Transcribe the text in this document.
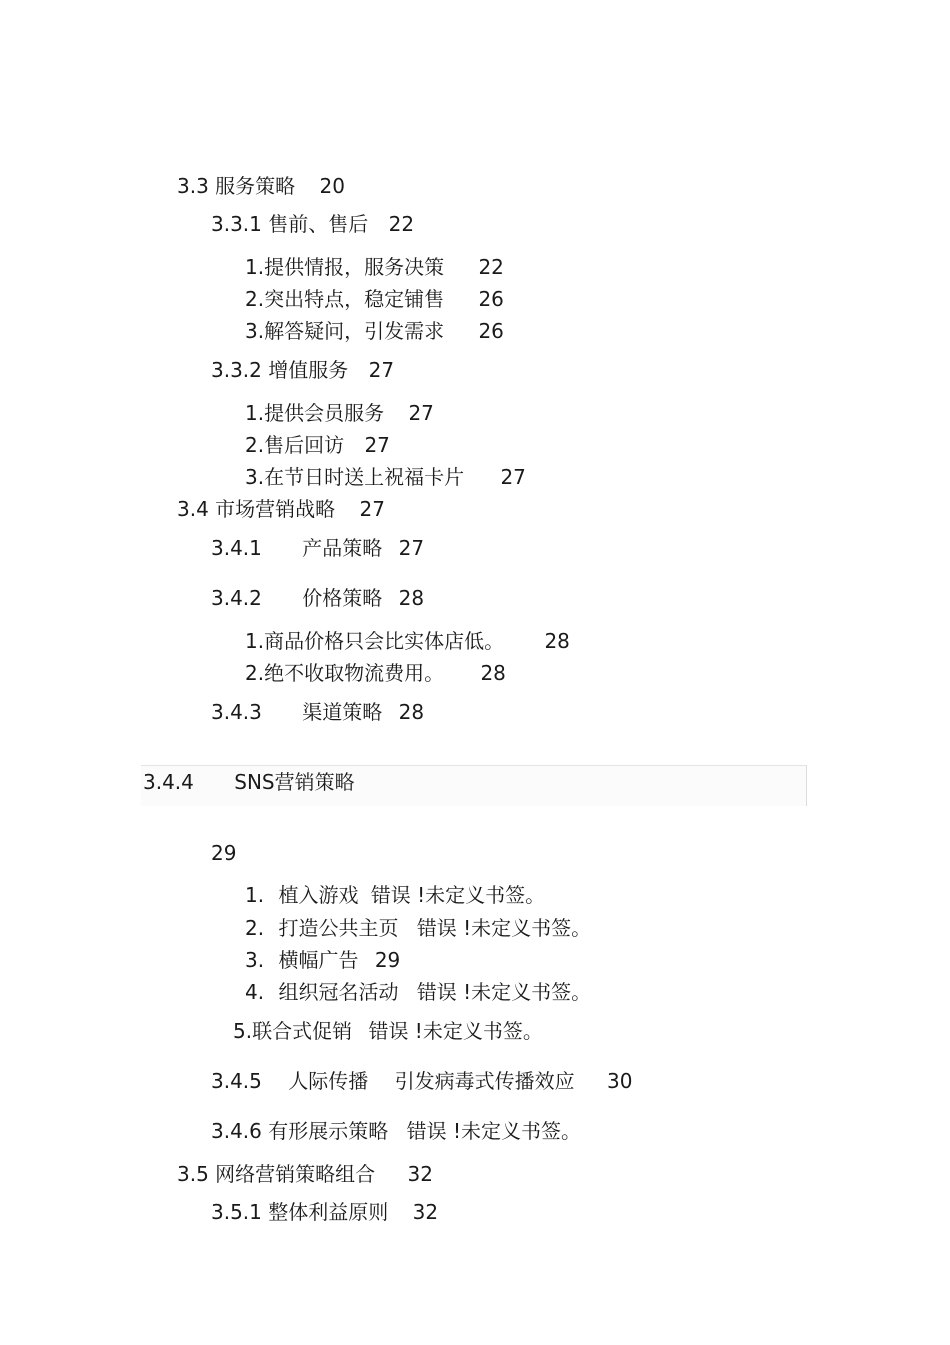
3.3 服务策略 20
3.3.1 售前、售后 22
1.提供情报，服务决策 22
2.突出特点，稳定铺售 26
3.解答疑问，引发需求 26
3.3.2 增值服务 27
1.提供会员服务 27
2.售后回访 27
3.在节日时送上祝福卡片 27
3.4 市场营销战略 27
3.4.1 产品策略 27
3.4.2 价格策略 28
1.商品价格只会比实体店低。 28
2.绝不收取物流费用。 28
3.4.3 渠道策略 28
3.4.4 SNS营销策略
29
1. 植入游戏 错误 !未定义书签。
2. 打造公共主页 错误 !未定义书签。
3. 横幅广告 29
4. 组织冠名活动 错误 !未定义书签。
5.联合式促销 错误 !未定义书签。
3.4.5 人际传播 引发病毒式传播效应 30
3.4.6 有形展示策略 错误 !未定义书签。
3.5 网络营销策略组合 32
3.5.1 整体利益原则 32
